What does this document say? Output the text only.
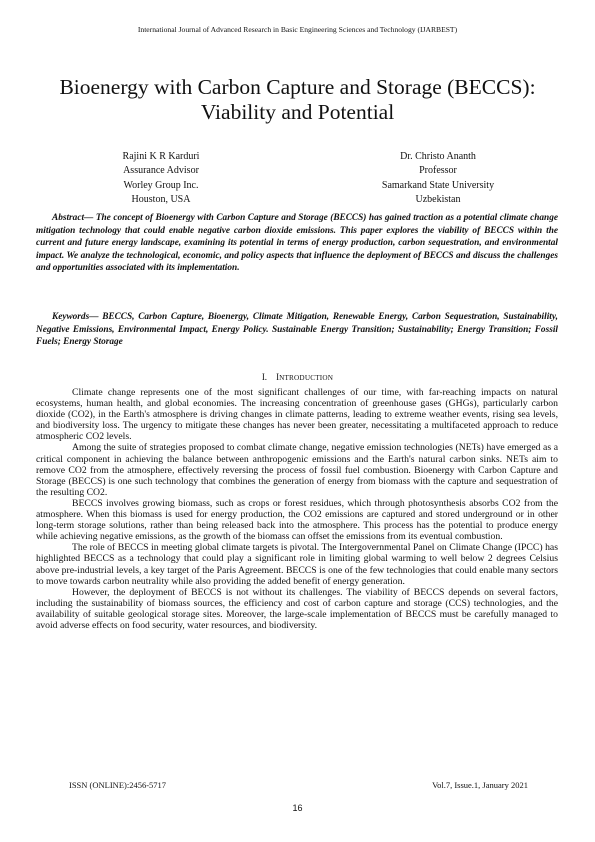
International Journal of Advanced Research in Basic Engineering Sciences and Technology (IJARBEST)
Bioenergy with Carbon Capture and Storage (BECCS): Viability and Potential
Rajini K R Karduri
Assurance Advisor
Worley Group Inc.
Houston, USA
Dr. Christo Ananth
Professor
Samarkand State University
Uzbekistan
Abstract— The concept of Bioenergy with Carbon Capture and Storage (BECCS) has gained traction as a potential climate change mitigation technology that could enable negative carbon dioxide emissions. This paper explores the viability of BECCS within the current and future energy landscape, examining its potential in terms of energy production, carbon sequestration, and environmental impact. We analyze the technological, economic, and policy aspects that influence the deployment of BECCS and discuss the challenges and opportunities associated with its implementation.
Keywords— BECCS, Carbon Capture, Bioenergy, Climate Mitigation, Renewable Energy, Carbon Sequestration, Sustainability, Negative Emissions, Environmental Impact, Energy Policy. Sustainable Energy Transition; Sustainability; Energy Transition; Fossil Fuels; Energy Storage
I. INTRODUCTION

Climate change represents one of the most significant challenges of our time, with far-reaching impacts on natural ecosystems, human health, and global economies. The increasing concentration of greenhouse gases (GHGs), particularly carbon dioxide (CO2), in the Earth's atmosphere is driving changes in climate patterns, leading to extreme weather events, rising sea levels, and biodiversity loss. The urgency to mitigate these changes has never been greater, necessitating a multifaceted approach to reduce atmospheric CO2 levels.

Among the suite of strategies proposed to combat climate change, negative emission technologies (NETs) have emerged as a critical component in achieving the balance between anthropogenic emissions and the Earth's natural carbon sinks. NETs aim to remove CO2 from the atmosphere, effectively reversing the process of fossil fuel combustion. Bioenergy with Carbon Capture and Storage (BECCS) is one such technology that combines the generation of energy from biomass with the capture and sequestration of the resulting CO2.

BECCS involves growing biomass, such as crops or forest residues, which through photosynthesis absorbs CO2 from the atmosphere. When this biomass is used for energy production, the CO2 emissions are captured and stored underground or in other long-term storage solutions, rather than being released back into the atmosphere. This process has the potential to produce energy while achieving negative emissions, as the growth of the biomass can offset the emissions from its eventual combustion.

The role of BECCS in meeting global climate targets is pivotal. The Intergovernmental Panel on Climate Change (IPCC) has highlighted BECCS as a technology that could play a significant role in limiting global warming to well below 2 degrees Celsius above pre-industrial levels, a key target of the Paris Agreement. BECCS is one of the few technologies that could enable many sectors to move towards carbon neutrality while also providing the added benefit of energy generation.

However, the deployment of BECCS is not without its challenges. The viability of BECCS depends on several factors, including the sustainability of biomass sources, the efficiency and cost of carbon capture and storage (CCS) technologies, and the availability of suitable geological storage sites. Moreover, the large-scale implementation of BECCS must be carefully managed to avoid adverse effects on food security, water resources, and biodiversity.

ISSN (ONLINE):2456-5717	Vol.7, Issue.1, January 2021
16
